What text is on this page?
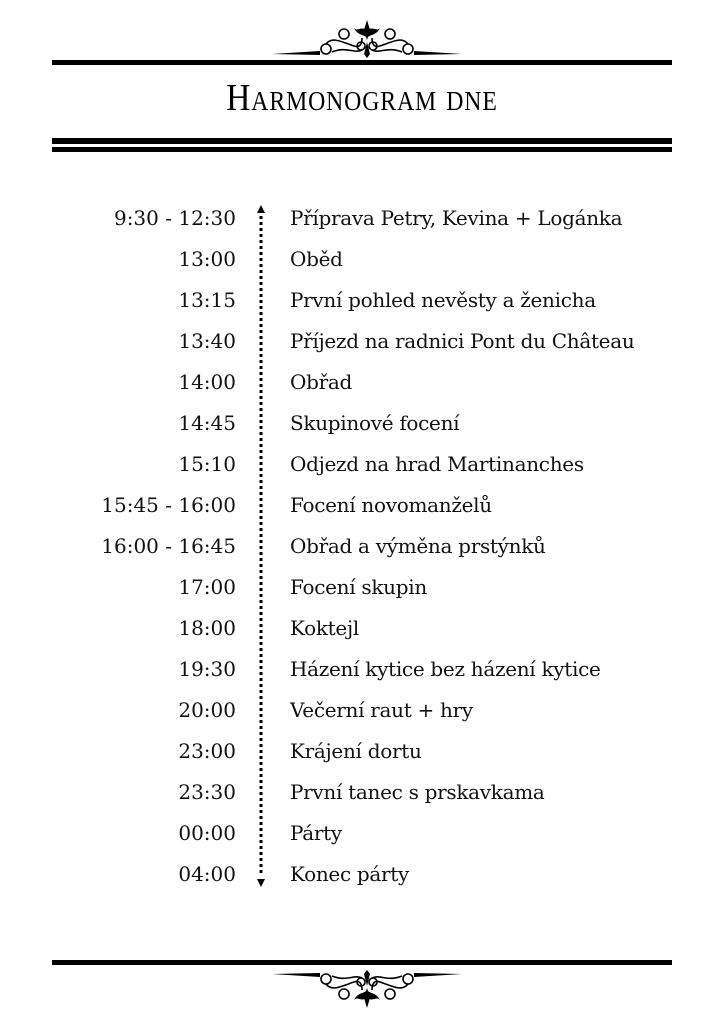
Harmonogram dne
9:30 - 12:30	Příprava Petry, Kevina + Logánka
13:00	Oběd
13:15	První pohled nevěsty a ženicha
13:40	Příjezd na radnici Pont du Château
14:00	Obřad
14:45	Skupinové focení
15:10	Odjezd na hrad Martinanches
15:45 - 16:00	Focení novomanželů
16:00 - 16:45	Obřad a výměna prstýnků
17:00	Focení skupin
18:00	Koktejl
19:30	Házení kytice bez házení kytice
20:00	Večerní raut + hry
23:00	Krájení dortu
23:30	První tanec s prskavkama
00:00	Párty
04:00	Konec párty
